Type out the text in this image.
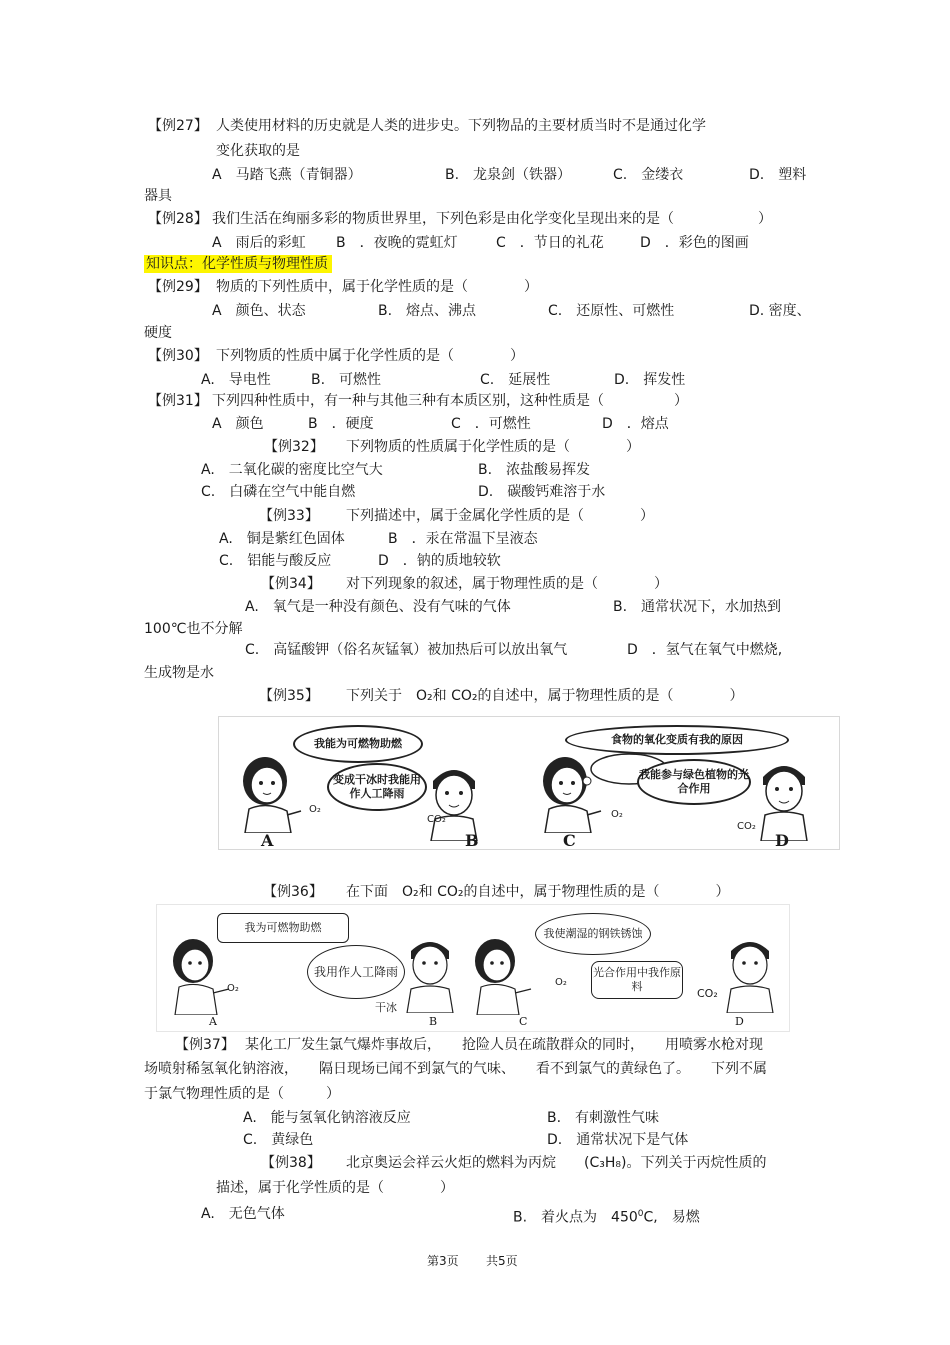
【例27】 人类使用材料的历史就是人类的进步史。下列物品的主要材质当时不是通过化学
变化获取的是
A　马踏飞燕（青铜器）	B.　龙泉剑（铁器）	C.　金缕衣	D.　塑料
器具
【例28】 我们生活在绚丽多彩的物质世界里，下列色彩是由化学变化呈现出来的是（　　　　　　）
A　雨后的彩虹 B　．夜晚的霓虹灯	C　．节日的礼花	D　．彩色的图画
知识点：化学性质与物理性质
【例29】 物质的下列性质中，属于化学性质的是（　　　　）
A　颜色、状态	B.　熔点、沸点	C.　还原性、可燃性	D. 密度、
硬度
【例30】 下列物质的性质中属于化学性质的是（　　　　）
A.　导电性	B.　可燃性	C.　延展性	D.　挥发性
【例31】 下列四种性质中，有一种与其他三种有本质区别，这种性质是（　　　　　）
A　颜色	B　．硬度	C　．可燃性	D　．熔点
【例32】 下列物质的性质属于化学性质的是（　　　　）
A.　二氧化碳的密度比空气大	B.　浓盐酸易挥发
C.　白磷在空气中能自燃	D.　碳酸钙难溶于水
【例33】 下列描述中，属于金属化学性质的是（　　　　）
A.　铜是紫红色固体	B　．汞在常温下呈液态
C.　铝能与酸反应	D　．钠的质地较软
【例34】 对下列现象的叙述，属于物理性质的是（　　　　）
A.　氧气是一种没有颜色、没有气味的气体	B.　通常状况下，水加热到
100℃也不分解
C.　高锰酸钾（俗名灰锰氧）被加热后可以放出氧气	D　．氢气在氧气中燃烧,
生成物是水
【例35】 下列关于　 O₂和 CO₂的自述中，属于物理性质的是（　　　　）
O₂
我能为可燃物助燃
变成干冰时我能用作人工降雨
CO₂	O₂
食物的氧化变质有我的原因
我能参与绿色植物的光合作用
CO₂
A	B	C	D
【例36】 在下面　 O₂和 CO₂的自述中，属于物理性质的是（　　　　）
我为可燃物助燃
O₂
我用作人工降雨
干冰
我使潮湿的钢铁锈蚀
O₂
光合作用中我作原料
CO₂
A	B	C	D
【例37】 某化工厂发生氯气爆炸事故后，　　抢险人员在疏散群众的同时，　　用喷雾水枪对现
场喷射稀氢氧化钠溶液，　　隔日现场已闻不到氯气的气味、　　看不到氯气的黄绿色了。　　下列不属
于氯气物理性质的是（　　　）
A.　能与氢氧化钠溶液反应	B.　有刺激性气味
C.　黄绿色	D.　通常状况下是气体
【例38】 北京奥运会祥云火炬的燃料为丙烷　　(C₃H₈)。下列关于丙烷性质的
描述，属于化学性质的是（　　　　）
A.　无色气体	B.　着火点为　$450^0C$,　易燃
第3页 共5页
